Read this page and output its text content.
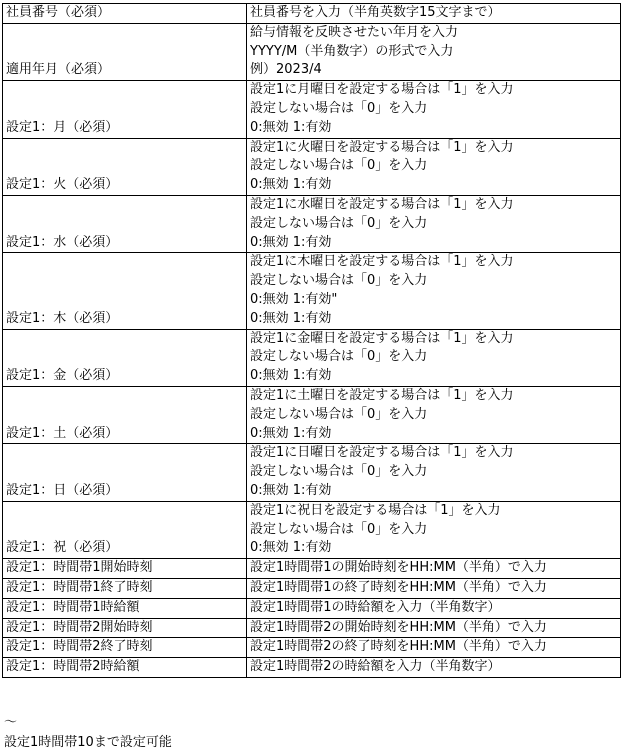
社員番号（必須）	社員番号を入力（半角英数字15文字まで）

適用年月（必須）	給与情報を反映させたい年月を入力
YYYY/M（半角数字）の形式で入力
例）2023/4

設定1：月（必須）	設定1に月曜日を設定する場合は「1」を入力
設定しない場合は「0」を入力
0:無効 1:有効

設定1：火（必須）	設定1に火曜日を設定する場合は「1」を入力
設定しない場合は「0」を入力
0:無効 1:有効

設定1：水（必須）	設定1に水曜日を設定する場合は「1」を入力
設定しない場合は「0」を入力
0:無効 1:有効

設定1：木（必須）	設定1に木曜日を設定する場合は「1」を入力
設定しない場合は「0」を入力
0:無効 1:有効"
0:無効 1:有効

設定1：金（必須）	設定1に金曜日を設定する場合は「1」を入力
設定しない場合は「0」を入力
0:無効 1:有効

設定1：土（必須）	設定1に土曜日を設定する場合は「1」を入力
設定しない場合は「0」を入力
0:無効 1:有効

設定1：日（必須）	設定1に日曜日を設定する場合は「1」を入力
設定しない場合は「0」を入力
0:無効 1:有効

設定1：祝（必須）	設定1に祝日を設定する場合は「1」を入力
設定しない場合は「0」を入力
0:無効 1:有効

設定1：時間帯1開始時刻	設定1時間帯1の開始時刻をHH:MM（半角）で入力

設定1：時間帯1終了時刻	設定1時間帯1の終了時刻をHH:MM（半角）で入力

設定1：時間帯1時給額	設定1時間帯1の時給額を入力（半角数字）

設定1：時間帯2開始時刻	設定1時間帯2の開始時刻をHH:MM（半角）で入力

設定1：時間帯2終了時刻	設定1時間帯2の終了時刻をHH:MM（半角）で入力

設定1：時間帯2時給額	設定1時間帯2の時給額を入力（半角数字）
〜
設定1時間帯10まで設定可能
